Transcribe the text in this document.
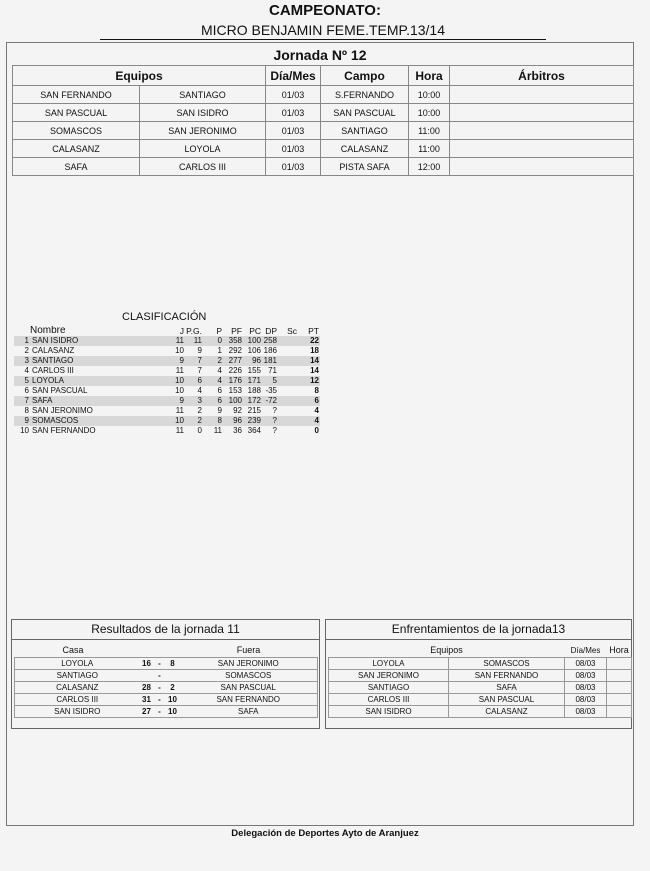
CAMPEONATO:
MICRO BENJAMIN FEME.TEMP.13/14
Jornada Nº 12
Equipos		Día/Mes	Campo	Hora	Árbitros
SAN FERNANDO	SANTIAGO	01/03	S.FERNANDO	10:00	
SAN PASCUAL	SAN ISIDRO	01/03	SAN PASCUAL	10:00	
SOMASCOS	SAN JERONIMO	01/03	SANTIAGO	11:00	
CALASANZ	LOYOLA	01/03	CALASANZ	11:00	
SAFA	CARLOS III	01/03	PISTA SAFA	12:00	
CLASIFICACIÓN
Nombre		J	P.G.	P	PF	PC	DP	Sc	PT
1 SAN ISIDRO		11	11	0	358	100	258		22
2 CALASANZ		10	9	1	292	106	186		18
3 SANTIAGO		9	7	2	277	96	181		14
4 CARLOS III		11	7	4	226	155	71		14
5 LOYOLA		10	6	4	176	171	5		12
6 SAN PASCUAL		10	4	6	153	188	-35		8
7 SAFA		9	3	6	100	172	-72		6
8 SAN JERONIMO		11	2	9	92	215	?		4
9 SOMASCOS		10	2	8	96	239	?		4
10 SAN FERNANDO		11	0	11	36	364	?		0
Resultados de la jornada 11
Casa				Fuera
LOYOLA	16	-	8	SAN JERONIMO
SANTIAGO		-		SOMASCOS
CALASANZ	28	-	2	SAN PASCUAL
CARLOS III	31	-	10	SAN FERNANDO
SAN ISIDRO	27	-	10	SAFA
Enfrentamientos de la jornada13
Equipos		Día/Mes	Hora
LOYOLA	SOMASCOS	08/03	
SAN JERONIMO	SAN FERNANDO	08/03	
SANTIAGO	SAFA	08/03	
CARLOS III	SAN PASCUAL	08/03	
SAN ISIDRO	CALASANZ	08/03	
Delegación de Deportes Ayto de Aranjuez
